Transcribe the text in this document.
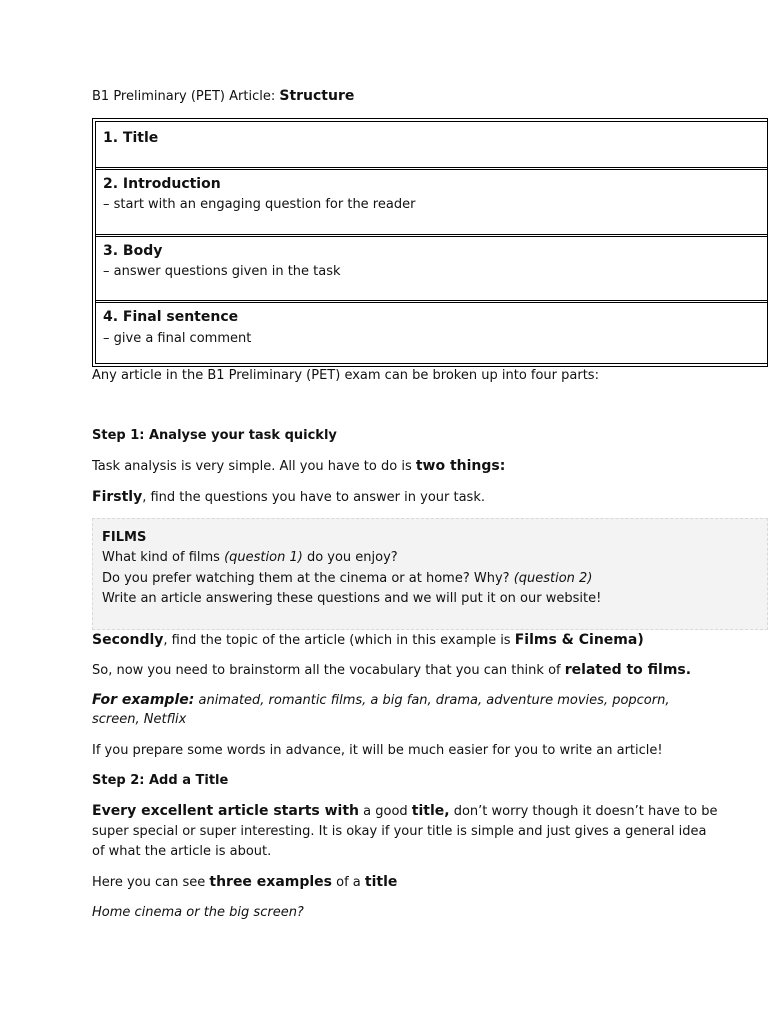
B1 Preliminary (PET) Article: Structure
1. Title
2. Introduction
– start with an engaging question for the reader
3. Body
– answer questions given in the task
4. Final sentence
– give a final comment
Any article in the B1 Preliminary (PET) exam can be broken up into four parts:
Step 1: Analyse your task quickly
Task analysis is very simple. All you have to do is two things:
Firstly, find the questions you have to answer in your task.
FILMS
What kind of films (question 1) do you enjoy?
Do you prefer watching them at the cinema or at home? Why? (question 2)
Write an article answering these questions and we will put it on our website!
Secondly, find the topic of the article (which in this example is Films & Cinema)
So, now you need to brainstorm all the vocabulary that you can think of related to films.
For example: animated, romantic films, a big fan, drama, adventure movies, popcorn,
screen, Netflix
If you prepare some words in advance, it will be much easier for you to write an article!
Step 2: Add a Title
Every excellent article starts with a good title, don’t worry though it doesn’t have to be
super special or super interesting. It is okay if your title is simple and just gives a general idea
of what the article is about.
Here you can see three examples of a title
Home cinema or the big screen?
